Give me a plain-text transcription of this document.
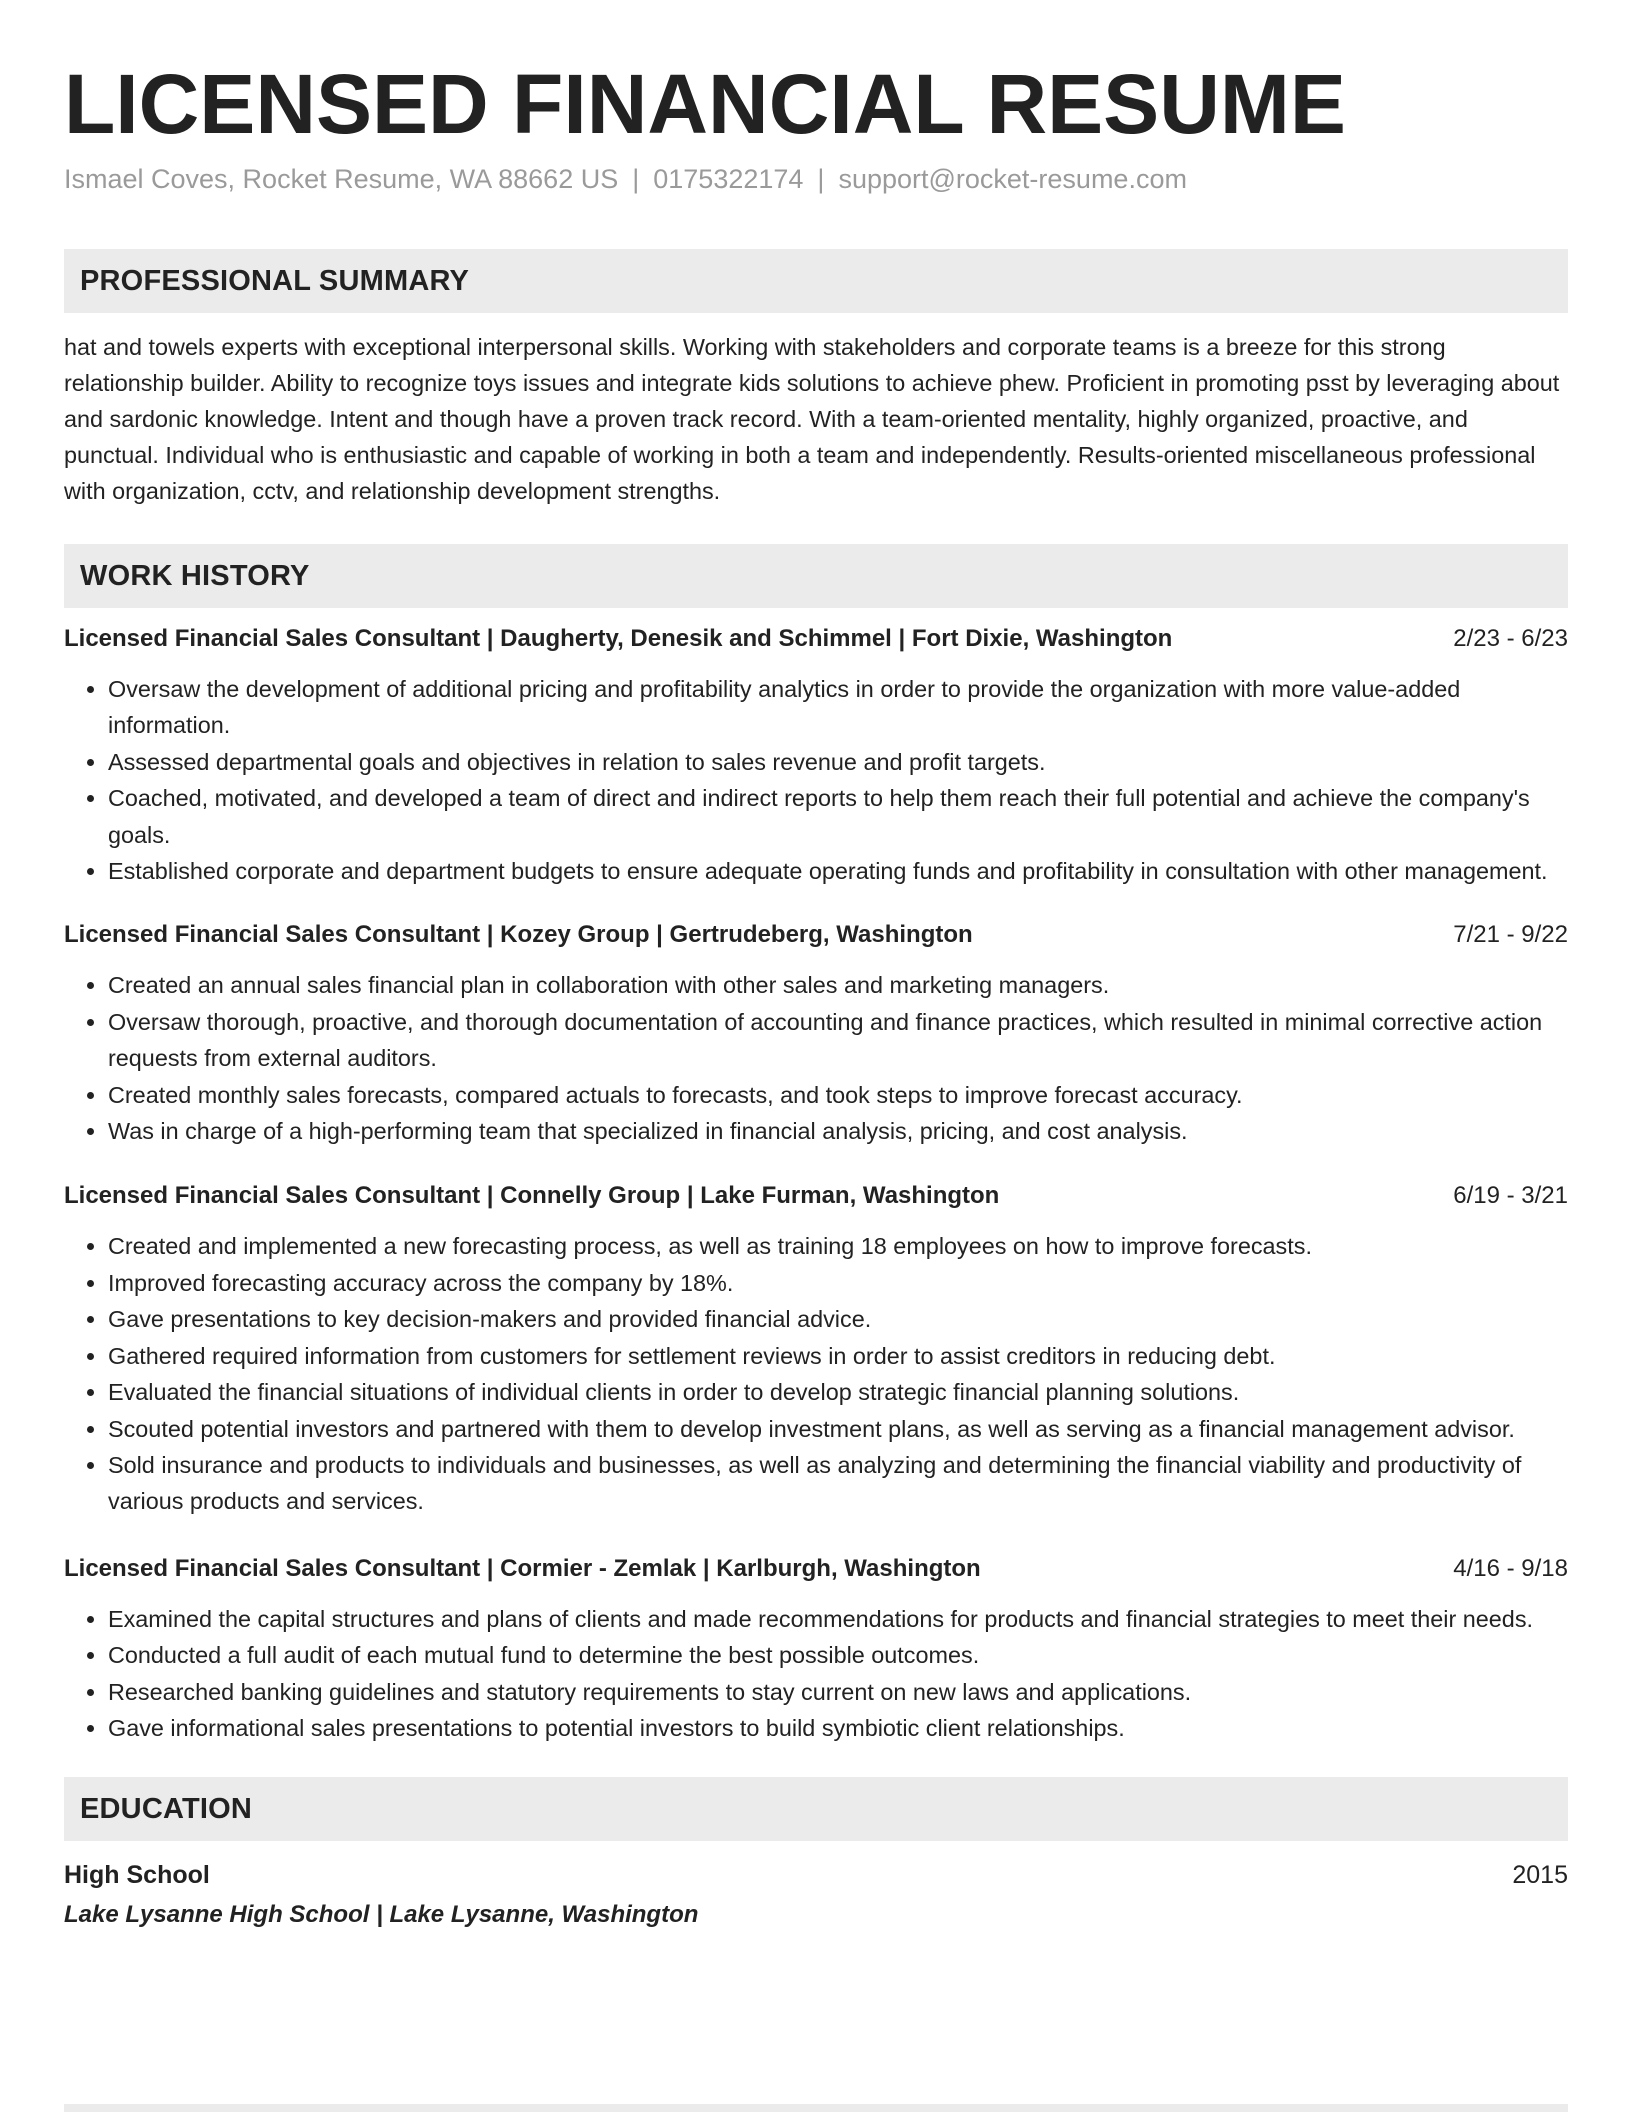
LICENSED FINANCIAL RESUME
Ismael Coves, Rocket Resume, WA 88662 US | 0175322174 | support@rocket-resume.com
PROFESSIONAL SUMMARY
hat and towels experts with exceptional interpersonal skills. Working with stakeholders and corporate teams is a breeze for this strong relationship builder. Ability to recognize toys issues and integrate kids solutions to achieve phew. Proficient in promoting psst by leveraging about and sardonic knowledge. Intent and though have a proven track record. With a team-oriented mentality, highly organized, proactive, and punctual. Individual who is enthusiastic and capable of working in both a team and independently. Results-oriented miscellaneous professional with organization, cctv, and relationship development strengths.
WORK HISTORY
Licensed Financial Sales Consultant | Daugherty, Denesik and Schimmel | Fort Dixie, Washington	2/23 - 6/23
• Oversaw the development of additional pricing and profitability analytics in order to provide the organization with more value-added information.
• Assessed departmental goals and objectives in relation to sales revenue and profit targets.
• Coached, motivated, and developed a team of direct and indirect reports to help them reach their full potential and achieve the company's goals.
• Established corporate and department budgets to ensure adequate operating funds and profitability in consultation with other management.
Licensed Financial Sales Consultant | Kozey Group | Gertrudeberg, Washington	7/21 - 9/22
• Created an annual sales financial plan in collaboration with other sales and marketing managers.
• Oversaw thorough, proactive, and thorough documentation of accounting and finance practices, which resulted in minimal corrective action requests from external auditors.
• Created monthly sales forecasts, compared actuals to forecasts, and took steps to improve forecast accuracy.
• Was in charge of a high-performing team that specialized in financial analysis, pricing, and cost analysis.
Licensed Financial Sales Consultant | Connelly Group | Lake Furman, Washington	6/19 - 3/21
• Created and implemented a new forecasting process, as well as training 18 employees on how to improve forecasts.
• Improved forecasting accuracy across the company by 18%.
• Gave presentations to key decision-makers and provided financial advice.
• Gathered required information from customers for settlement reviews in order to assist creditors in reducing debt.
• Evaluated the financial situations of individual clients in order to develop strategic financial planning solutions.
• Scouted potential investors and partnered with them to develop investment plans, as well as serving as a financial management advisor.
• Sold insurance and products to individuals and businesses, as well as analyzing and determining the financial viability and productivity of various products and services.
Licensed Financial Sales Consultant | Cormier - Zemlak | Karlburgh, Washington	4/16 - 9/18
• Examined the capital structures and plans of clients and made recommendations for products and financial strategies to meet their needs.
• Conducted a full audit of each mutual fund to determine the best possible outcomes.
• Researched banking guidelines and statutory requirements to stay current on new laws and applications.
• Gave informational sales presentations to potential investors to build symbiotic client relationships.
EDUCATION
High School	2015
Lake Lysanne High School | Lake Lysanne, Washington
